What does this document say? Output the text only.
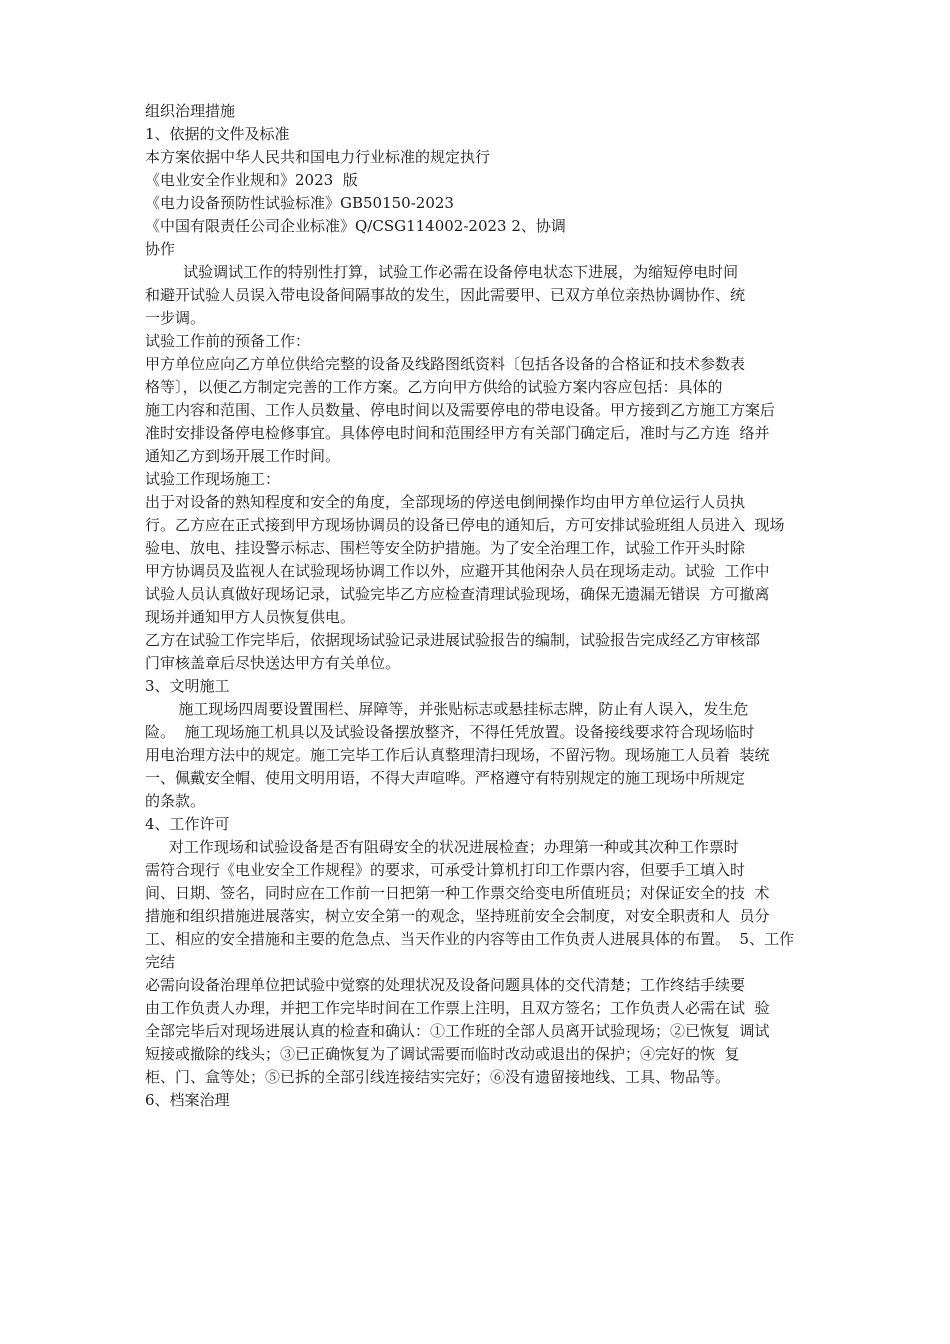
组织治理措施
1、依据的文件及标准
本方案依据中华人民共和国电力行业标准的规定执行
《电业安全作业规和》2023  版
《电力设备预防性试验标准》GB50150-2023
《中国有限责任公司企业标准》Q/CSG114002-2023 2、协调
协作
试验调试工作的特别性打算，试验工作必需在设备停电状态下进展，为缩短停电时间
和避开试验人员误入带电设备间隔事故的发生，因此需要甲、已双方单位亲热协调协作、统
一步调。
试验工作前的预备工作：
甲方单位应向乙方单位供给完整的设备及线路图纸资料〔包括各设备的合格证和技术参数表
格等〕，以便乙方制定完善的工作方案。乙方向甲方供给的试验方案内容应包括：具体的
施工内容和范围、工作人员数量、停电时间以及需要停电的带电设备。甲方接到乙方施工方案后
准时安排设备停电检修事宜。具体停电时间和范围经甲方有关部门确定后，准时与乙方连  络并
通知乙方到场开展工作时间。
试验工作现场施工：
出于对设备的熟知程度和安全的角度，全部现场的停送电倒闸操作均由甲方单位运行人员执
行。乙方应在正式接到甲方现场协调员的设备已停电的通知后，方可安排试验班组人员进入  现场
验电、放电、挂设警示标志、围栏等安全防护措施。为了安全治理工作，试验工作开头时除
甲方协调员及监视人在试验现场协调工作以外，应避开其他闲杂人员在现场走动。试验  工作中
试验人员认真做好现场记录，试验完毕乙方应检查清理试验现场，确保无遗漏无错误  方可撤离
现场并通知甲方人员恢复供电。
乙方在试验工作完毕后，依据现场试验记录进展试验报告的编制，试验报告完成经乙方审核部
门审核盖章后尽快送达甲方有关单位。
3、文明施工
施工现场四周要设置围栏、屏障等，并张贴标志或悬挂标志牌，防止有人误入，发生危
险。  施工现场施工机具以及试验设备摆放整齐，不得任凭放置。设备接线要求符合现场临时
用电治理方法中的规定。施工完毕工作后认真整理清扫现场，不留污物。现场施工人员着  装统
一、佩戴安全帽、使用文明用语，不得大声喧哗。严格遵守有特别规定的施工现场中所规定
的条款。
4、工作许可
对工作现场和试验设备是否有阻碍安全的状况进展检查；办理第一种或其次种工作票时
需符合现行《电业安全工作规程》的要求，可承受计算机打印工作票内容，但要手工填入时
间、日期、签名，同时应在工作前一日把第一种工作票交给变电所值班员；对保证安全的技  术
措施和组织措施进展落实，树立安全第一的观念，坚持班前安全会制度，对安全职责和人  员分
工、相应的安全措施和主要的危急点、当天作业的内容等由工作负责人进展具体的布置。  5、工作
完结
必需向设备治理单位把试验中觉察的处理状况及设备问题具体的交代清楚；工作终结手续要
由工作负责人办理，并把工作完毕时间在工作票上注明，且双方签名；工作负责人必需在试  验
全部完毕后对现场进展认真的检查和确认：①工作班的全部人员离开试验现场；②已恢复  调试
短接或撤除的线头；③已正确恢复为了调试需要而临时改动或退出的保护；④完好的恢  复
柜、门、盒等处；⑤已拆的全部引线连接结实完好；⑥没有遗留接地线、工具、物品等。
6、档案治理
